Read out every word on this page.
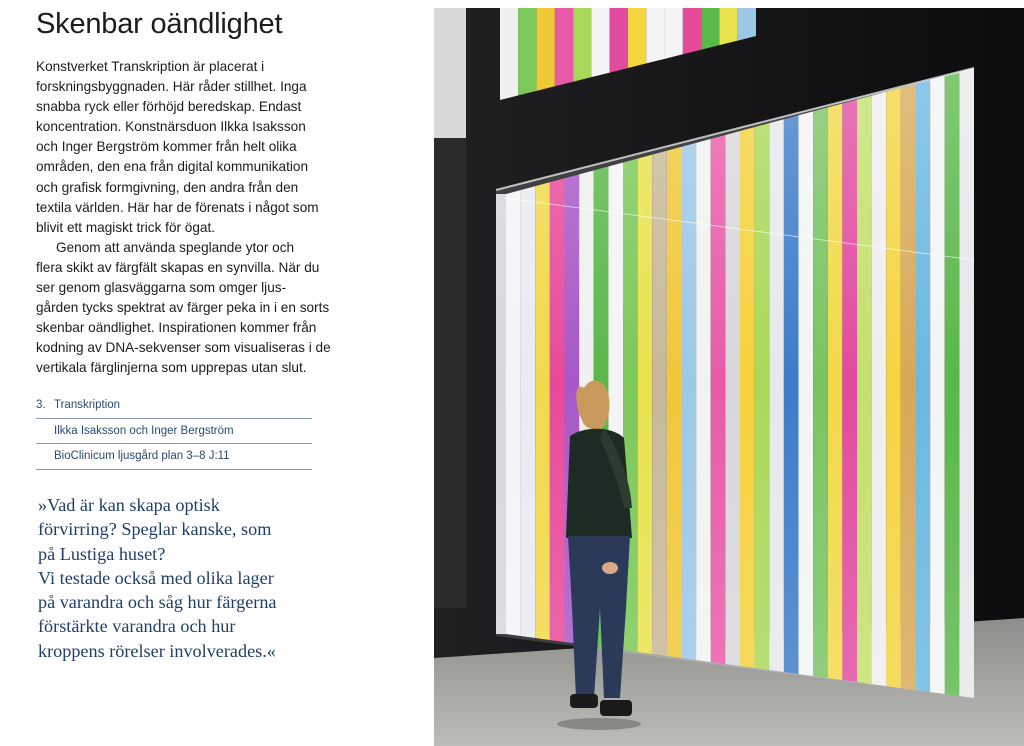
Skenbar oändlighet

Konstverket Transkription är placerat i
forskningsbyggnaden. Här råder stillhet. Inga
snabba ryck eller förhöjd beredskap. Endast
koncentration. Konstnärsduon Ilkka Isaksson
och Inger Bergström kommer från helt olika
områden, den ena från digital kommunikation
och grafisk formgivning, den andra från den
textila världen. Här har de förenats i något som
blivit ett magiskt trick för ögat.

Genom att använda speglande ytor och
flera skikt av färgfält skapas en synvilla. När du
ser genom glasväggarna som omger ljus-
gården tycks spektrat av färger peka in i en sorts
skenbar oändlighet. Inspirationen kommer från
kodning av DNA-sekvenser som visualiseras i de
vertikala färglinjerna som upprepas utan slut.

3. Transkription
Ilkka Isaksson och Inger Bergström
BioClinicum ljusgård plan 3–8 J:11
»Vad är kan skapa optisk
förvirring? Speglar kanske, som
på Lustiga huset?
Vi testade också med olika lager
på varandra och såg hur färgerna
förstärkte varandra och hur
kroppens rörelser involverades.«
